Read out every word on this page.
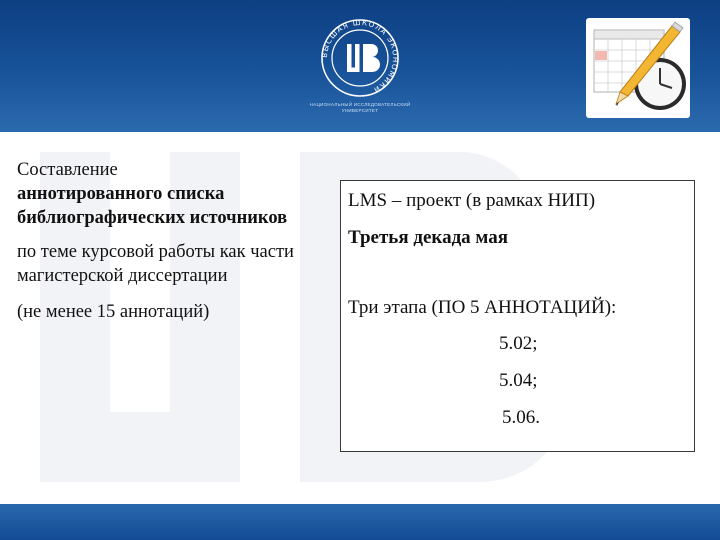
ВЫСШАЯ ШКОЛА ЭКОНОМИКИ
НАЦИОНАЛЬНЫЙ ИССЛЕДОВАТЕЛЬСКИЙ
УНИВЕРСИТЕТ

Составление
аннотированного списка библиографических источников

по теме курсовой работы как части магистерской диссертации

(не менее 15 аннотаций)

LMS – проект (в рамках НИП)
Третья декада мая
Три этапа (ПО 5 АННОТАЦИЙ):
5.02;
5.04;
5.06.
